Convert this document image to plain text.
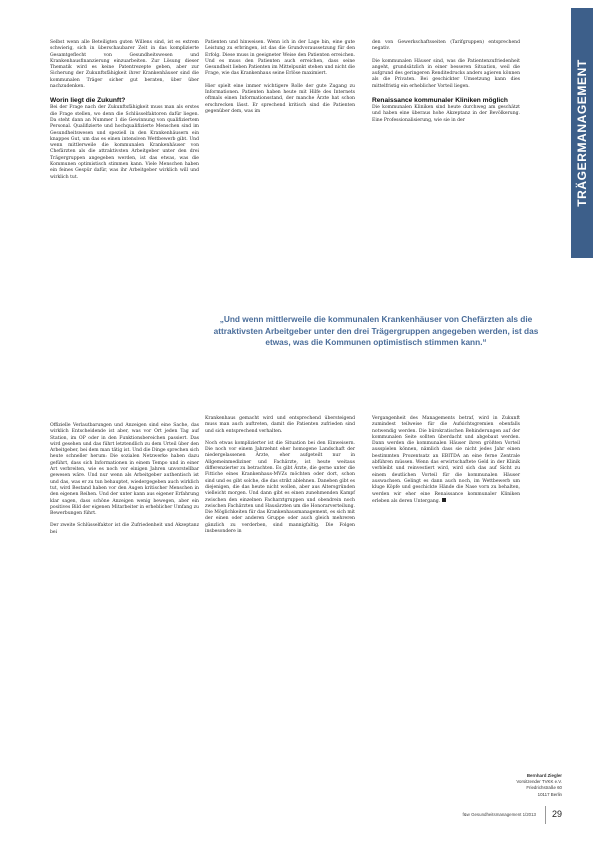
TRÄGERMANAGEMENT

Selbst wenn alle Beteiligten guten Willens sind, ist es extrem schwierig, sich in überschaubarer Zeit in das komplizierte Gesamtgeflecht von Gesundheitswesen und Krankenhausfinanzierung einzuarbeiten. Zur Lösung dieser Thematik wird es keine Patentrezepte geben, aber zur Sicherung der Zukunftsfähigkeit ihrer Krankenhäuser sind die kommunalen Träger sicher gut beraten, über über nachzudenken.

Worin liegt die Zukunft?

Bei der Frage nach der Zukunftsfähigkeit muss man als erstes die Frage stellen, wo denn die Schlüsselfaktoren dafür liegen. Da steht dann an Nummer 1 die Gewinnung von qualifiziertem Personal. Qualifizierte und hochqualifizierte Menschen sind im Gesundheitswesen und speziell in den Krankenhäusern ein knappes Gut, um das es einen intensiven Wettbewerb gibt. Und wenn mittlerweile die kommunalen Krankenhäuser von Chefärzten als die attraktivsten Arbeitgeber unter den drei Trägergruppen angegeben werden, ist das etwas, was die Kommunen optimistisch stimmen kann. Viele Menschen haben ein feines Gespür dafür, was ihr Arbeitgeber wirklich will und wirklich tut.

Patienten und hinweisen. Wenn ich in der Lage bin, eine gute Leistung zu erbringen, ist das die Grundvoraussetzung für den Erfolg. Diese muss in geeigneter Weise den Patienten erreichen. Und es muss den Patienten auch erreichen, dass seine Gesundheit lieben Patienten im Mittelpunkt stehen und nicht die Frage, wie das Krankenhaus seine Erlöse maximiert.

Hier spielt eine immer wichtigere Rolle der gute Zugang zu Informationen. Patienten haben heute mit Hilfe des Internets oftmals einen Informationsstand, der manche Ärzte hat schon erschrecken lässt. Er sprechend kritisch sind die Patienten gegenüber dem, was im

den von Gewerkschaftsseiten (Tarifgruppen) entsprechend negativ.

Die kommunalen Häuser sind, was die Patientenzufriedenheit angeht, grundsätzlich in einer besseren Situation, weil die aufgrund des geringeren Renditedrucks anders agieren können als die Privaten. Bei geschickter Umsetzung kann dies mittelfristig ein erheblicher Vorteil liegen.

Renaissance kommunaler Kliniken möglich

Die kommunalen Kliniken sind heute durchweg am geschätzt und haben eine überaus hohe Akzeptanz in der Bevölkerung. Eine Professionalisierung, wie sie in der

„Und wenn mittlerweile die kommunalen Krankenhäuser von Chefärzten als die attraktivsten Arbeitgeber unter den drei Trägergruppen angegeben werden, ist das etwas, was die Kommunen optimistisch stimmen kann.“

Offizielle Verlautbarungen und Anzeigen sind eine Sache, das wirklich Entscheidende ist aber, was vor Ort jeden Tag auf Station, im OP oder in den Funktionsbereichen passiert. Das wird gesehen und das führt letztendlich zu dem Urteil über den Arbeitgeber, bei dem man tätig ist. Und die Dinge sprechen sich heute schneller herum: Die sozialen Netzwerke haben dazu geführt, dass sich Informationen in einem Tempo und in einer Art verbreiten, wie es noch vor einigen Jahren unvorstellbar gewesen wäre. Und nur wenn als Arbeitgeber authentisch ist und das, was er zu tun behauptet, wiedergegeben auch wirklich tut, wird Bestand haben vor den Augen kritischer Menschen in den eigenen Reihen. Und der unter kann aus eigener Erfahrung klar sagen, dass schöne Anzeigen wenig bewegen, aber ein positives Bild der eigenen Mitarbeiter in erheblicher Umfang zu Bewerbungen führt.

Der zweite Schlüsselfaktor ist die Zufriedenheit und Akzeptanz bei

Krankenhaus gemacht wird und entsprechend übersteigend muss man auch auftreten, damit die Patienten zufrieden sind und sich entsprechend verhalten.

Noch etwas komplizierter ist die Situation bei den Einweisern. Die noch vor einem Jahrzehnt eher homogene Landschaft der niedergelassenen Ärzte, eher aufgeteilt nur in Allgemeinmediziner und Fachärzte, ist heute weitaus differenzierter zu betrachten. Es gibt Ärzte, die gerne unter die Fittiche eines Krankenhaus-MVZs möchten oder dort, schon sind und es gibt solche, die das strikt ablehnen. Daneben gibt es diejenigen, die das heute nicht wollen, aber aus Altersgründen vielleicht morgen. Und dann gibt es einen zunehmenden Kampf zwischen den einzelnen Facharztgruppen und obendrein noch zwischen Fachärzten und Hausärzten um die Honorarverteilung. Die Möglichkeiten für das Krankenhausmanagement, es sich mit der einen oder anderen Gruppe oder auch gleich mehreren gänzlich zu verderben, sind mannigfaltig. Die Folgen insbesondere in

Vergangenheit des Managements betraf, wird in Zukunft zumindest teilweise für die Aufsichtsgremien ebenfalls notwendig werden. Die bürokratischen Behinderungen auf der kommunalen Seite sollten überdacht und abgebaut werden. Dann werden die kommunalen Häuser ihren größten Vorteil ausspielen können, nämlich dass sie nicht jedes Jahr einen bestimmten Prozentsatz an EBITDA an eine ferne Zentrale abführen müssen. Wenn das erwirtschaftete Geld in der Klinik verbleibt und reinvestiert wird, wird sich das auf Sicht zu einem deutlichen Vorteil für die kommunalen Häuser auswachsen. Gelingt es dann auch noch, im Wettbewerb um kluge Köpfe und geschickte Hände die Nase vorn zu behalten, werden wir eher eine Renaissance kommunaler Kliniken erleben als deren Untergang.

Bernhard Ziegler
Vorsitzender TVKK e.V.
Friedrichstraße 60
10117 Berlin
f&w Gesundheitsmanagement 1/2013 29
